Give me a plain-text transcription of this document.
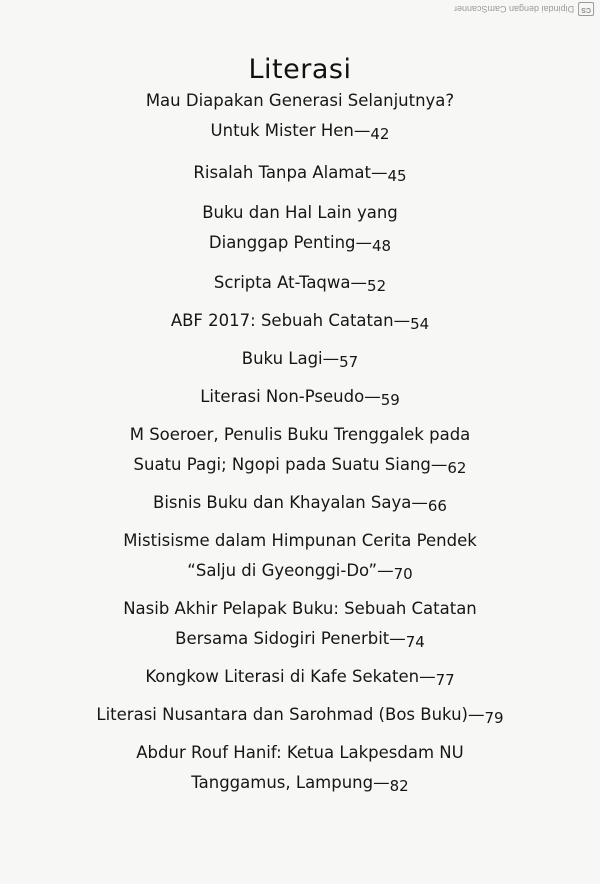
CS
Dipindai dengan CamScanner
Literasi

Mau Diapakan Generasi Selanjutnya?
Untuk Mister Hen—42

Risalah Tanpa Alamat—45

Buku dan Hal Lain yang
Dianggap Penting—48

Scripta At-Taqwa—52

ABF 2017: Sebuah Catatan—54

Buku Lagi—57

Literasi Non-Pseudo—59

M Soeroer, Penulis Buku Trenggalek pada
Suatu Pagi; Ngopi pada Suatu Siang—62

Bisnis Buku dan Khayalan Saya—66

Mistisisme dalam Himpunan Cerita Pendek
“Salju di Gyeonggi-Do”—70

Nasib Akhir Pelapak Buku: Sebuah Catatan
Bersama Sidogiri Penerbit—74

Kongkow Literasi di Kafe Sekaten—77

Literasi Nusantara dan Sarohmad (Bos Buku)—79

Abdur Rouf Hanif: Ketua Lakpesdam NU
Tanggamus, Lampung—82
